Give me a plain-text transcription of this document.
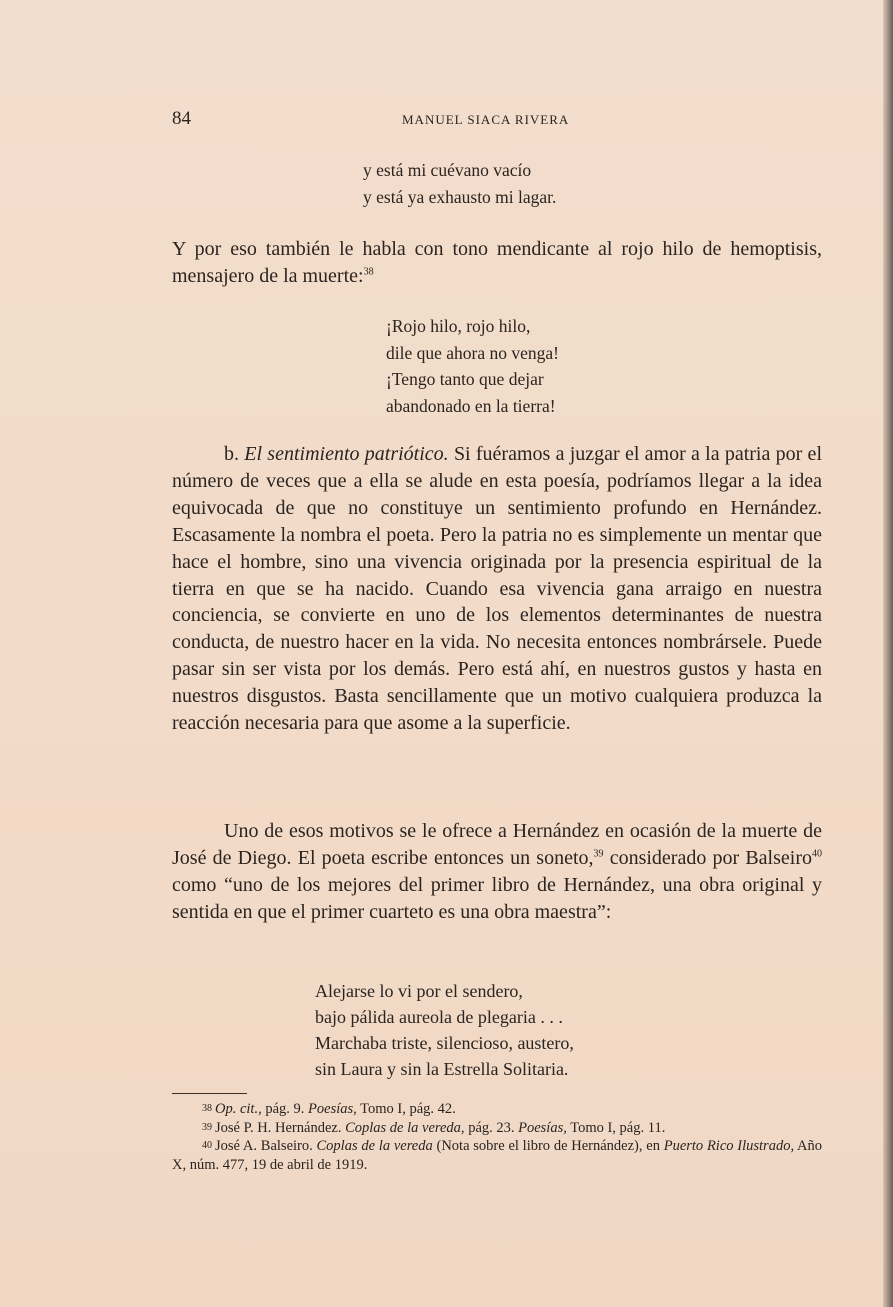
84	MANUEL SIACA RIVERA
y está mi cuévano vacío
y está ya exhausto mi lagar.

Y por eso también le habla con tono mendicante al rojo hilo de hemoptisis, mensajero de la muerte:$^{38}$

¡Rojo hilo, rojo hilo,
dile que ahora no venga!
¡Tengo tanto que dejar
abandonado en la tierra!

b. El sentimiento patriótico. Si fuéramos a juzgar el amor a la patria por el número de veces que a ella se alude en esta poesía, podríamos llegar a la idea equivocada de que no constituye un sentimiento profundo en Hernández. Escasamente la nombra el poeta. Pero la patria no es simplemente un mentar que hace el hombre, sino una vivencia originada por la presencia espiritual de la tierra en que se ha nacido. Cuando esa vivencia gana arraigo en nuestra conciencia, se convierte en uno de los elementos determinantes de nuestra conducta, de nuestro hacer en la vida. No necesita entonces nombrársele. Puede pasar sin ser vista por los demás. Pero está ahí, en nuestros gustos y hasta en nuestros disgustos. Basta sencillamente que un motivo cualquiera produzca la reacción necesaria para que asome a la superficie.

Uno de esos motivos se le ofrece a Hernández en ocasión de la muerte de José de Diego. El poeta escribe entonces un soneto,$^{39}$ considerado por Balseiro$^{40}$ como “uno de los mejores del primer libro de Hernández, una obra original y sentida en que el primer cuarteto es una obra maestra”:

Alejarse lo vi por el sendero,
bajo pálida aureola de plegaria . . .
Marchaba triste, silencioso, austero,
sin Laura y sin la Estrella Solitaria.

38 Op. cit., pág. 9. Poesías, Tomo I, pág. 42.

39 José P. H. Hernández. Coplas de la vereda, pág. 23. Poesías, Tomo I, pág. 11.

40 José A. Balseiro. Coplas de la vereda (Nota sobre el libro de Hernández), en Puerto Rico Ilustrado, Año X, núm. 477, 19 de abril de 1919.
